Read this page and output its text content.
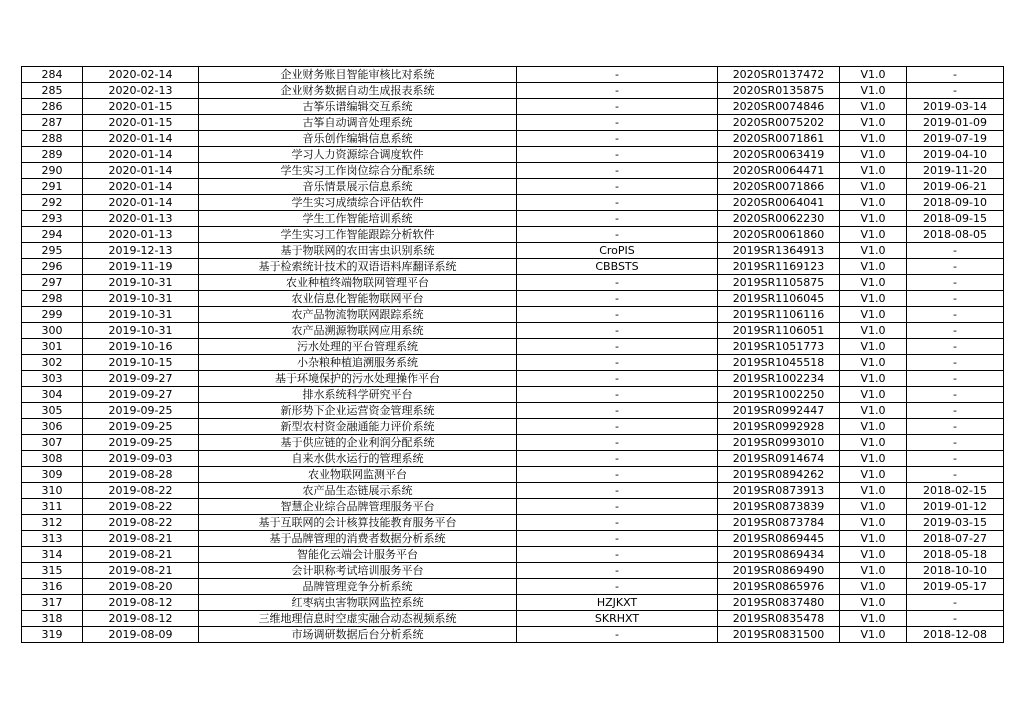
284	2020-02-14	企业财务账目智能审核比对系统	-	2020SR0137472	V1.0	-
285	2020-02-13	企业财务数据自动生成报表系统	-	2020SR0135875	V1.0	-
286	2020-01-15	古筝乐谱编辑交互系统	-	2020SR0074846	V1.0	2019-03-14
287	2020-01-15	古筝自动调音处理系统	-	2020SR0075202	V1.0	2019-01-09
288	2020-01-14	音乐创作编辑信息系统	-	2020SR0071861	V1.0	2019-07-19
289	2020-01-14	学习人力资源综合调度软件	-	2020SR0063419	V1.0	2019-04-10
290	2020-01-14	学生实习工作岗位综合分配系统	-	2020SR0064471	V1.0	2019-11-20
291	2020-01-14	音乐情景展示信息系统	-	2020SR0071866	V1.0	2019-06-21
292	2020-01-14	学生实习成绩综合评估软件	-	2020SR0064041	V1.0	2018-09-10
293	2020-01-13	学生工作智能培训系统	-	2020SR0062230	V1.0	2018-09-15
294	2020-01-13	学生实习工作智能跟踪分析软件	-	2020SR0061860	V1.0	2018-08-05
295	2019-12-13	基于物联网的农田害虫识别系统	CroPIS	2019SR1364913	V1.0	-
296	2019-11-19	基于检索统计技术的双语语料库翻译系统	CBBSTS	2019SR1169123	V1.0	-
297	2019-10-31	农业种植终端物联网管理平台	-	2019SR1105875	V1.0	-
298	2019-10-31	农业信息化智能物联网平台	-	2019SR1106045	V1.0	-
299	2019-10-31	农产品物流物联网跟踪系统	-	2019SR1106116	V1.0	-
300	2019-10-31	农产品溯源物联网应用系统	-	2019SR1106051	V1.0	-
301	2019-10-16	污水处理的平台管理系统	-	2019SR1051773	V1.0	-
302	2019-10-15	小杂粮种植追溯服务系统	-	2019SR1045518	V1.0	-
303	2019-09-27	基于环境保护的污水处理操作平台	-	2019SR1002234	V1.0	-
304	2019-09-27	排水系统科学研究平台	-	2019SR1002250	V1.0	-
305	2019-09-25	新形势下企业运营资金管理系统	-	2019SR0992447	V1.0	-
306	2019-09-25	新型农村资金融通能力评价系统	-	2019SR0992928	V1.0	-
307	2019-09-25	基于供应链的企业利润分配系统	-	2019SR0993010	V1.0	-
308	2019-09-03	自来水供水运行的管理系统	-	2019SR0914674	V1.0	-
309	2019-08-28	农业物联网监测平台	-	2019SR0894262	V1.0	-
310	2019-08-22	农产品生态链展示系统	-	2019SR0873913	V1.0	2018-02-15
311	2019-08-22	智慧企业综合品牌管理服务平台	-	2019SR0873839	V1.0	2019-01-12
312	2019-08-22	基于互联网的会计核算技能教育服务平台	-	2019SR0873784	V1.0	2019-03-15
313	2019-08-21	基于品牌管理的消费者数据分析系统	-	2019SR0869445	V1.0	2018-07-27
314	2019-08-21	智能化云端会计服务平台	-	2019SR0869434	V1.0	2018-05-18
315	2019-08-21	会计职称考试培训服务平台	-	2019SR0869490	V1.0	2018-10-10
316	2019-08-20	品牌管理竞争分析系统	-	2019SR0865976	V1.0	2019-05-17
317	2019-08-12	红枣病虫害物联网监控系统	HZJKXT	2019SR0837480	V1.0	-
318	2019-08-12	三维地理信息时空虚实融合动态视频系统	SKRHXT	2019SR0835478	V1.0	-
319	2019-08-09	市场调研数据后台分析系统	-	2019SR0831500	V1.0	2018-12-08
